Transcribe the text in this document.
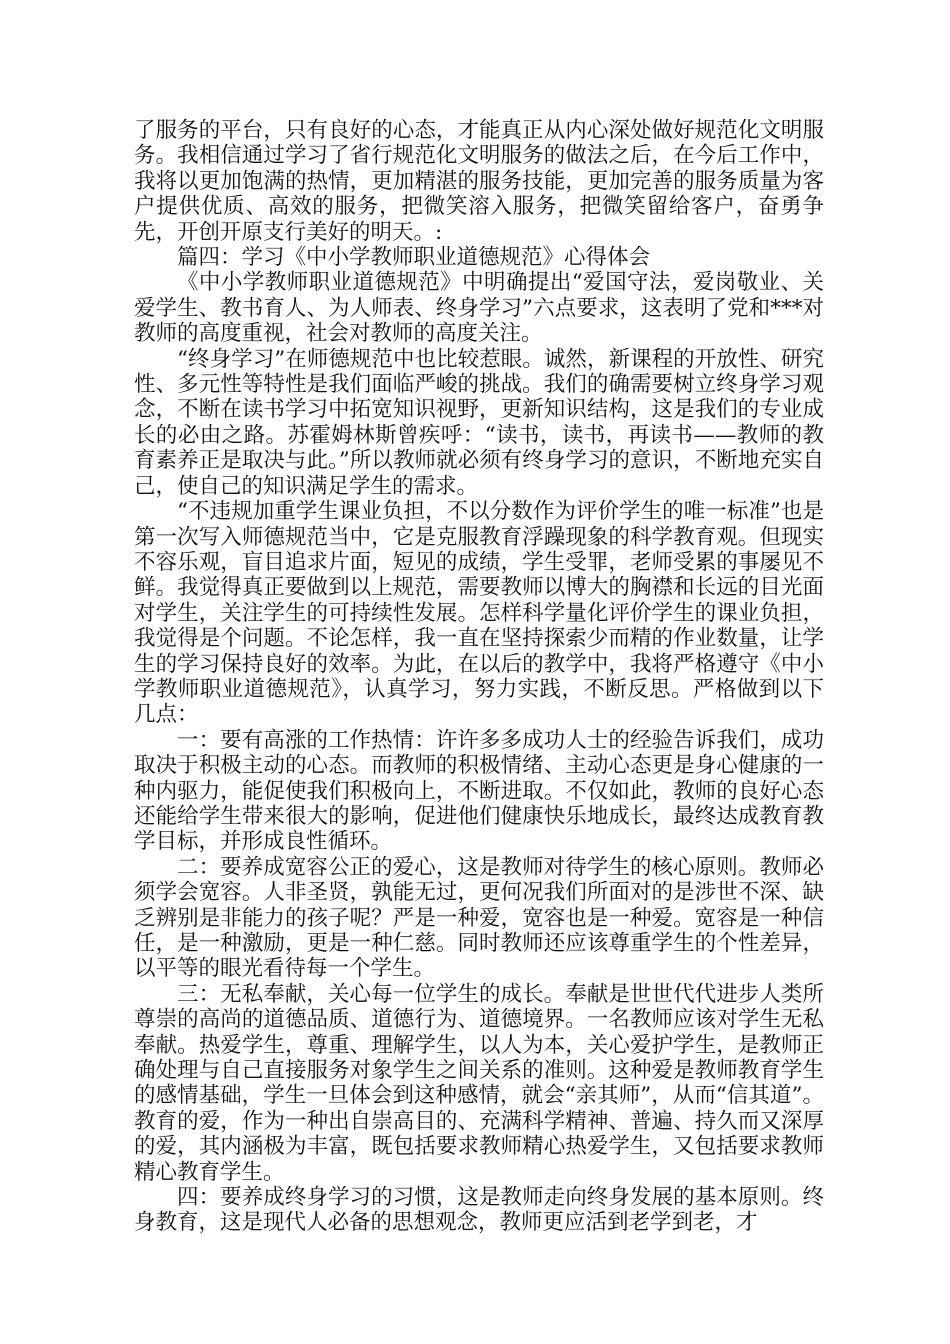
了服务的平台，只有良好的心态，才能真正从内心深处做好规范化文明服务。我相信通过学习了省行规范化文明服务的做法之后，在今后工作中，我将以更加饱满的热情，更加精湛的服务技能，更加完善的服务质量为客户提供优质、高效的服务，把微笑溶入服务，把微笑留给客户，奋勇争先，开创开原支行美好的明天。:

篇四：学习《中小学教师职业道德规范》心得体会

《中小学教师职业道德规范》中明确提出“爱国守法，爱岗敬业、关爱学生、教书育人、为人师表、终身学习”六点要求，这表明了党和***对教师的高度重视，社会对教师的高度关注。

“终身学习”在师德规范中也比较惹眼。诚然，新课程的开放性、研究性、多元性等特性是我们面临严峻的挑战。我们的确需要树立终身学习观念，不断在读书学习中拓宽知识视野，更新知识结构，这是我们的专业成长的必由之路。苏霍姆林斯曾疾呼：“读书，读书，再读书——教师的教育素养正是取决与此。”所以教师就必须有终身学习的意识，不断地充实自己，使自己的知识满足学生的需求。

“不违规加重学生课业负担，不以分数作为评价学生的唯一标准”也是第一次写入师德规范当中，它是克服教育浮躁现象的科学教育观。但现实不容乐观，盲目追求片面，短见的成绩，学生受罪，老师受累的事屡见不鲜。我觉得真正要做到以上规范，需要教师以博大的胸襟和长远的目光面对学生，关注学生的可持续性发展。怎样科学量化评价学生的课业负担，我觉得是个问题。不论怎样，我一直在坚持探索少而精的作业数量，让学生的学习保持良好的效率。为此，在以后的教学中，我将严格遵守《中小学教师职业道德规范》，认真学习，努力实践，不断反思。严格做到以下几点：

一：要有高涨的工作热情：许许多多成功人士的经验告诉我们，成功取决于积极主动的心态。而教师的积极情绪、主动心态更是身心健康的一种内驱力，能促使我们积极向上，不断进取。不仅如此，教师的良好心态还能给学生带来很大的影响，促进他们健康快乐地成长，最终达成教育教学目标，并形成良性循环。

二：要养成宽容公正的爱心，这是教师对待学生的核心原则。教师必须学会宽容。人非圣贤，孰能无过，更何况我们所面对的是涉世不深、缺乏辨别是非能力的孩子呢？严是一种爱，宽容也是一种爱。宽容是一种信任，是一种激励，更是一种仁慈。同时教师还应该尊重学生的个性差异，以平等的眼光看待每一个学生。

三：无私奉献，关心每一位学生的成长。奉献是世世代代进步人类所尊崇的高尚的道德品质、道德行为、道德境界。一名教师应该对学生无私奉献。热爱学生，尊重、理解学生，以人为本，关心爱护学生，是教师正确处理与自己直接服务对象学生之间关系的准则。这种爱是教师教育学生的感情基础，学生一旦体会到这种感情，就会“亲其师”，从而“信其道”。教育的爱，作为一种出自崇高目的、充满科学精神、普遍、持久而又深厚的爱，其内涵极为丰富，既包括要求教师精心热爱学生，又包括要求教师精心教育学生。

四：要养成终身学习的习惯，这是教师走向终身发展的基本原则。终身教育，这是现代人必备的思想观念，教师更应活到老学到老，才
